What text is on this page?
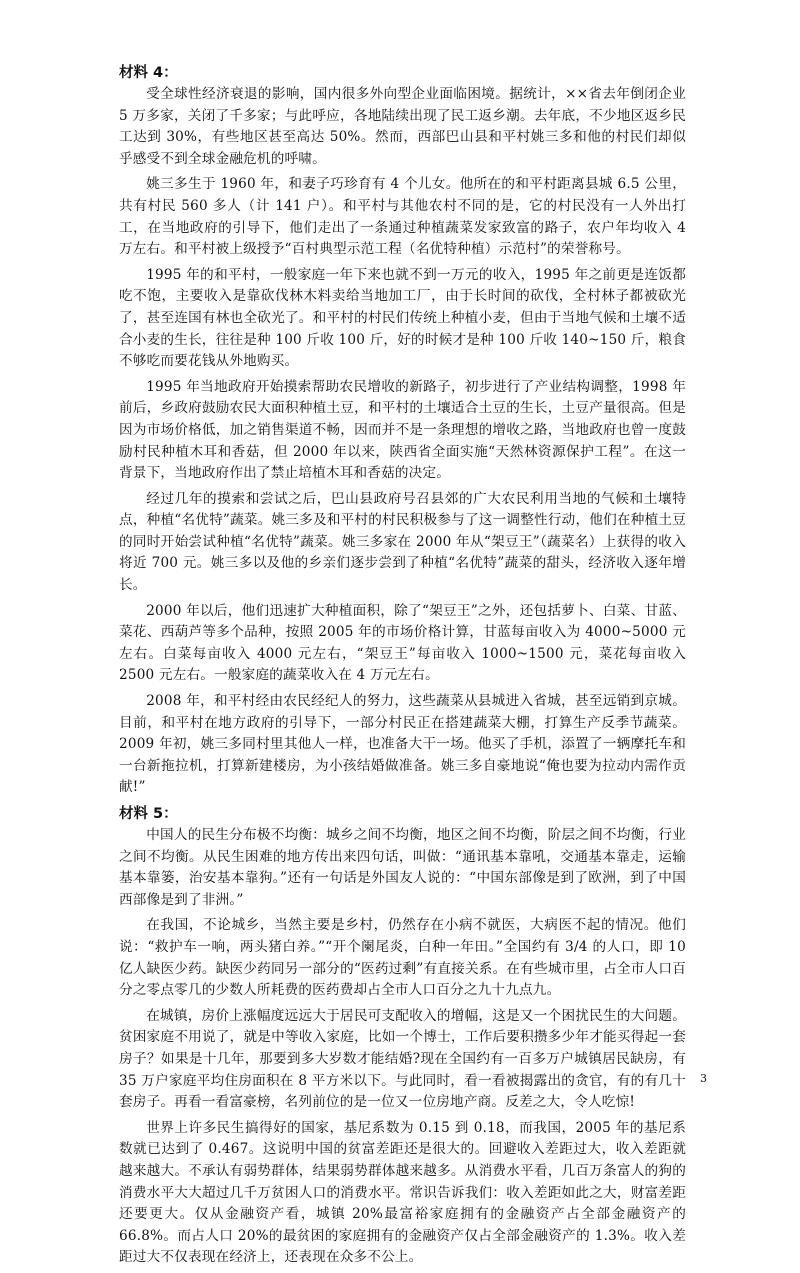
材料 4：

受全球性经济衰退的影响，国内很多外向型企业面临困境。据统计，××省去年倒闭企业 5 万多家，关闭了千多家；与此呼应，各地陆续出现了民工返乡潮。去年底，不少地区返乡民工达到 30%，有些地区甚至高达 50%。然而，西部巴山县和平村姚三多和他的村民们却似乎感受不到全球金融危机的呼啸。

姚三多生于 1960 年，和妻子巧珍育有 4 个儿女。他所在的和平村距离县城 6.5 公里，共有村民 560 多人（计 141 户）。和平村与其他农村不同的是，它的村民没有一人外出打工，在当地政府的引导下，他们走出了一条通过种植蔬菜发家致富的路子，农户年均收入 4 万左右。和平村被上级授予“百村典型示范工程（名优特种植）示范村”的荣誉称号。

1995 年的和平村，一般家庭一年下来也就不到一万元的收入，1995 年之前更是连饭都吃不饱，主要收入是靠砍伐林木料卖给当地加工厂，由于长时间的砍伐，全村林子都被砍光了，甚至连国有林也全砍光了。和平村的村民们传统上种植小麦，但由于当地气候和土壤不适合小麦的生长，往往是种 100 斤收 100 斤，好的时候才是种 100 斤收 140~150 斤，粮食不够吃而要花钱从外地购买。

1995 年当地政府开始摸索帮助农民增收的新路子，初步进行了产业结构调整，1998 年前后，乡政府鼓励农民大面积种植土豆，和平村的土壤适合土豆的生长，土豆产量很高。但是因为市场价格低，加之销售渠道不畅，因而并不是一条理想的增收之路，当地政府也曾一度鼓励村民种植木耳和香菇，但 2000 年以来，陕西省全面实施“天然林资源保护工程”。在这一背景下，当地政府作出了禁止培植木耳和香菇的决定。

经过几年的摸索和尝试之后，巴山县政府号召县郊的广大农民利用当地的气候和土壤特点，种植“名优特”蔬菜。姚三多及和平村的村民积极参与了这一调整性行动，他们在种植土豆的同时开始尝试种植“名优特”蔬菜。姚三多家在 2000 年从“架豆王”（蔬菜名）上获得的收入将近 700 元。姚三多以及他的乡亲们逐步尝到了种植“名优特”蔬菜的甜头，经济收入逐年增长。

2000 年以后，他们迅速扩大种植面积，除了“架豆王”之外，还包括萝卜、白菜、甘蓝、菜花、西葫芦等多个品种，按照 2005 年的市场价格计算，甘蓝每亩收入为 4000~5000 元左右。白菜每亩收入 4000 元左右，“架豆王”每亩收入 1000~1500 元，菜花每亩收入 2500 元左右。一般家庭的蔬菜收入在 4 万元左右。

2008 年，和平村经由农民经纪人的努力，这些蔬菜从县城进入省城，甚至远销到京城。目前，和平村在地方政府的引导下，一部分村民正在搭建蔬菜大棚，打算生产反季节蔬菜。2009 年初，姚三多同村里其他人一样，也准备大干一场。他买了手机，添置了一辆摩托车和一台新拖拉机，打算新建楼房，为小孩结婚做准备。姚三多自豪地说“俺也要为拉动内需作贡献!”

材料 5：

中国人的民生分布极不均衡：城乡之间不均衡，地区之间不均衡，阶层之间不均衡，行业之间不均衡。从民生困难的地方传出来四句话，叫做：“通讯基本靠吼，交通基本靠走，运输基本靠篓，治安基本靠狗。”还有一句话是外国友人说的：“中国东部像是到了欧洲，到了中国西部像是到了非洲。”

在我国，不论城乡，当然主要是乡村，仍然存在小病不就医，大病医不起的情况。他们说：“救护车一响，两头猪白养。”“开个阑尾炎，白种一年田。”全国约有 3/4 的人口，即 10 亿人缺医少药。缺医少药同另一部分的“医药过剩”有直接关系。在有些城市里，占全市人口百分之零点零几的少数人所耗费的医药费却占全市人口百分之九十九点九。

在城镇，房价上涨幅度远远大于居民可支配收入的增幅，这是又一个困扰民生的大问题。贫困家庭不用说了，就是中等收入家庭，比如一个博士，工作后要积攒多少年才能买得起一套房子？如果是十几年，那要到多大岁数才能结婚?现在全国约有一百多万户城镇居民缺房，有 35 万户家庭平均住房面积在 8 平方米以下。与此同时，看一看被揭露出的贪官，有的有几十套房子。再看一看富豪榜，名列前位的是一位又一位房地产商。反差之大，令人吃惊!

世界上许多民生搞得好的国家，基尼系数为 0.15 到 0.18，而我国，2005 年的基尼系数就已达到了 0.467。这说明中国的贫富差距还是很大的。回避收入差距过大，收入差距就越来越大。不承认有弱势群体，结果弱势群体越来越多。从消费水平看，几百万条富人的狗的消费水平大大超过几千万贫困人口的消费水平。常识告诉我们：收入差距如此之大，财富差距还要更大。仅从金融资产看，城镇 20%最富裕家庭拥有的金融资产占全部金融资产的 66.8%。而占人口 20%的最贫困的家庭拥有的金融资产仅占全部金融资产的 1.3%。收入差距过大不仅表现在经济上，还表现在众多不公上。

3
